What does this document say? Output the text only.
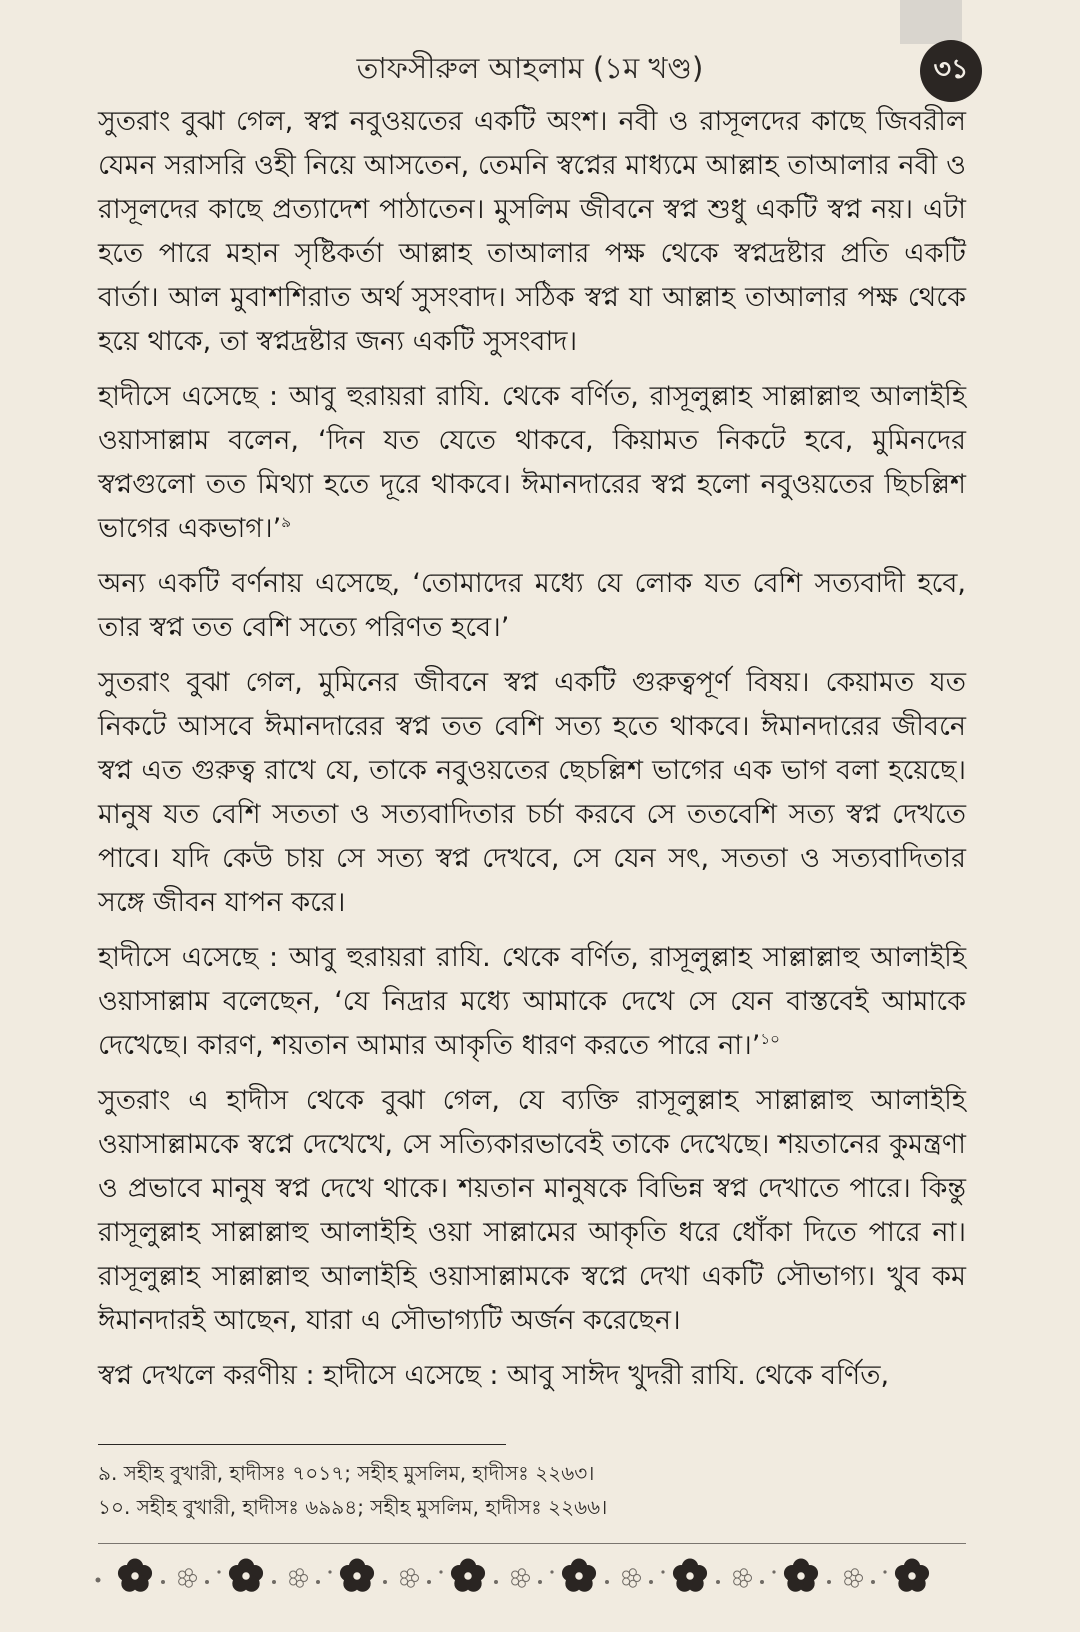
তাফসীরুল আহলাম (১ম খণ্ড)	৩১

সুতরাং বুঝা গেল, স্বপ্ন নবুওয়তের একটি অংশ। নবী ও রাসূলদের কাছে জিবরীল যেমন সরাসরি ওহী নিয়ে আসতেন, তেমনি স্বপ্নের মাধ্যমে আল্লাহ তাআলার নবী ও রাসূলদের কাছে প্রত্যাদেশ পাঠাতেন। মুসলিম জীবনে স্বপ্ন শুধু একটি স্বপ্ন নয়। এটা হতে পারে মহান সৃষ্টিকর্তা আল্লাহ তাআলার পক্ষ থেকে স্বপ্নদ্রষ্টার প্রতি একটি বার্তা। আল মুবাশশিরাত অর্থ সুসংবাদ। সঠিক স্বপ্ন যা আল্লাহ তাআলার পক্ষ থেকে হয়ে থাকে, তা স্বপ্নদ্রষ্টার জন্য একটি সুসংবাদ।

হাদীসে এসেছে : আবু হুরায়রা রাযি. থেকে বর্ণিত, রাসূলুল্লাহ সাল্লাল্লাহু আলাইহি ওয়াসাল্লাম বলেন, ‘দিন যত যেতে থাকবে, কিয়ামত নিকটে হবে, মুমিনদের স্বপ্নগুলো তত মিথ্যা হতে দূরে থাকবে। ঈমানদারের স্বপ্ন হলো নবুওয়তের ছিচল্লিশ ভাগের একভাগ।’$^৯$

অন্য একটি বর্ণনায় এসেছে, ‘তোমাদের মধ্যে যে লোক যত বেশি সত্যবাদী হবে, তার স্বপ্ন তত বেশি সত্যে পরিণত হবে।’

সুতরাং বুঝা গেল, মুমিনের জীবনে স্বপ্ন একটি গুরুত্বপূর্ণ বিষয়। কেয়ামত যত নিকটে আসবে ঈমানদারের স্বপ্ন তত বেশি সত্য হতে থাকবে। ঈমানদারের জীবনে স্বপ্ন এত গুরুত্ব রাখে যে, তাকে নবুওয়তের ছেচল্লিশ ভাগের এক ভাগ বলা হয়েছে। মানুষ যত বেশি সততা ও সত্যবাদিতার চর্চা করবে সে ততবেশি সত্য স্বপ্ন দেখতে পাবে। যদি কেউ চায় সে সত্য স্বপ্ন দেখবে, সে যেন সৎ, সততা ও সত্যবাদিতার সঙ্গে জীবন যাপন করে।

হাদীসে এসেছে : আবু হুরায়রা রাযি. থেকে বর্ণিত, রাসূলুল্লাহ সাল্লাল্লাহু আলাইহি ওয়াসাল্লাম বলেছেন, ‘যে নিদ্রার মধ্যে আমাকে দেখে সে যেন বাস্তবেই আমাকে দেখেছে। কারণ, শয়তান আমার আকৃতি ধারণ করতে পারে না।’$^{১০}$

সুতরাং এ হাদীস থেকে বুঝা গেল, যে ব্যক্তি রাসূলুল্লাহ সাল্লাল্লাহু আলাইহি ওয়াসাল্লামকে স্বপ্নে দেখেখে, সে সত্যিকারভাবেই তাকে দেখেছে। শয়তানের কুমন্ত্রণা ও প্রভাবে মানুষ স্বপ্ন দেখে থাকে। শয়তান মানুষকে বিভিন্ন স্বপ্ন দেখাতে পারে। কিন্তু রাসূলুল্লাহ সাল্লাল্লাহু আলাইহি ওয়া সাল্লামের আকৃতি ধরে ধোঁকা দিতে পারে না। রাসূলুল্লাহ সাল্লাল্লাহু আলাইহি ওয়াসাল্লামকে স্বপ্নে দেখা একটি সৌভাগ্য। খুব কম ঈমানদারই আছেন, যারা এ সৌভাগ্যটি অর্জন করেছেন।

স্বপ্ন দেখলে করণীয় : হাদীসে এসেছে : আবু সাঈদ খুদরী রাযি. থেকে বর্ণিত,

৯. সহীহ বুখারী, হাদীসঃ ৭০১৭; সহীহ মুসলিম, হাদীসঃ ২২৬৩।
১০. সহীহ বুখারী, হাদীসঃ ৬৯৯৪; সহীহ মুসলিম, হাদীসঃ ২২৬৬।
